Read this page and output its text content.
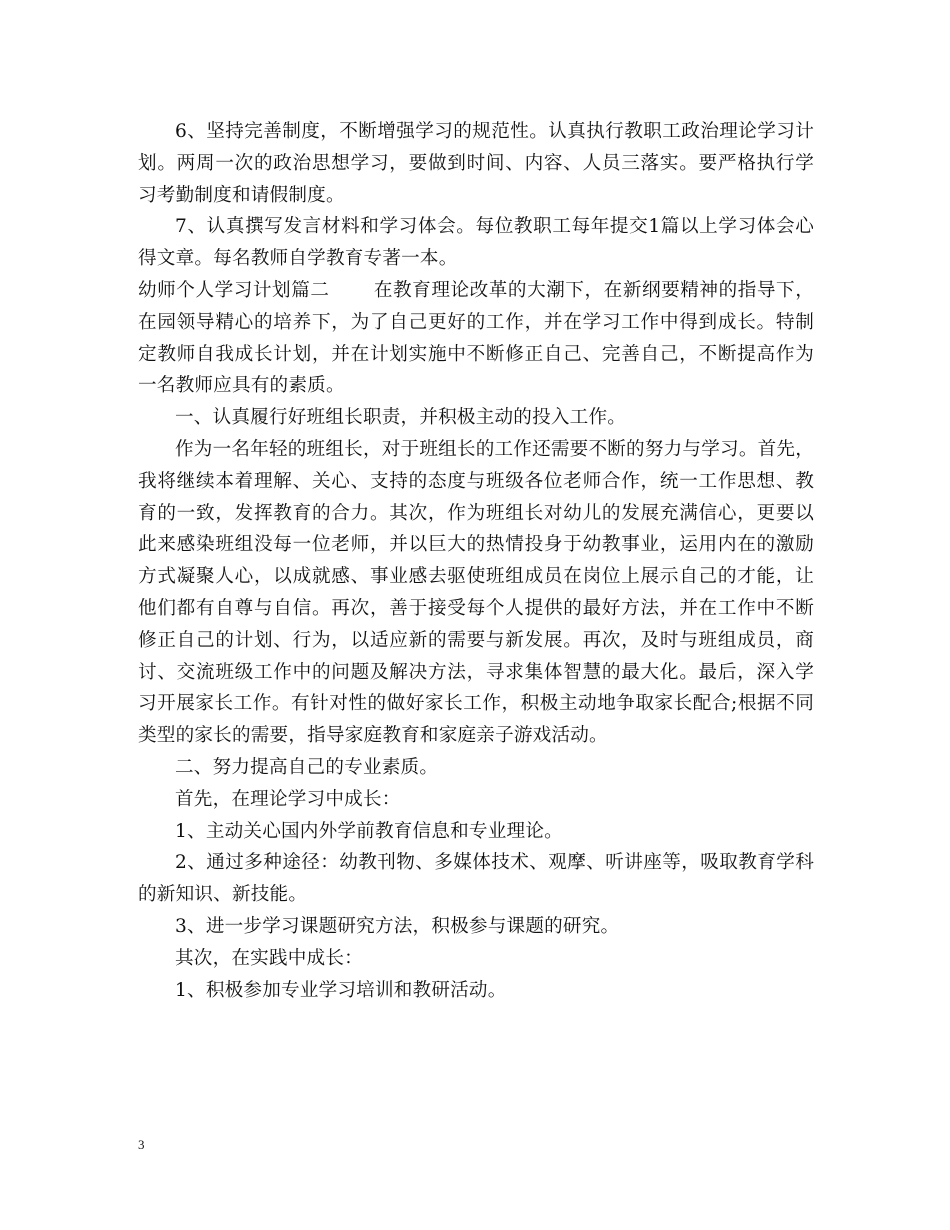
6、坚持完善制度，不断增强学习的规范性。认真执行教职工政治理论学习计划。两周一次的政治思想学习，要做到时间、内容、人员三落实。要严格执行学习考勤制度和请假制度。

7、认真撰写发言材料和学习体会。每位教职工每年提交1篇以上学习体会心得文章。每名教师自学教育专著一本。

幼师个人学习计划篇二 在教育理论改革的大潮下，在新纲要精神的指导下，在园领导精心的培养下，为了自己更好的工作，并在学习工作中得到成长。特制定教师自我成长计划，并在计划实施中不断修正自己、完善自己，不断提高作为一名教师应具有的素质。

一、认真履行好班组长职责，并积极主动的投入工作。

作为一名年轻的班组长，对于班组长的工作还需要不断的努力与学习。首先，我将继续本着理解、关心、支持的态度与班级各位老师合作，统一工作思想、教育的一致，发挥教育的合力。其次，作为班组长对幼儿的发展充满信心，更要以此来感染班组没每一位老师，并以巨大的热情投身于幼教事业，运用内在的激励方式凝聚人心，以成就感、事业感去驱使班组成员在岗位上展示自己的才能，让他们都有自尊与自信。再次，善于接受每个人提供的最好方法，并在工作中不断修正自己的计划、行为，以适应新的需要与新发展。再次，及时与班组成员，商讨、交流班级工作中的问题及解决方法，寻求集体智慧的最大化。最后，深入学习开展家长工作。有针对性的做好家长工作，积极主动地争取家长配合;根据不同类型的家长的需要，指导家庭教育和家庭亲子游戏活动。

二、努力提高自己的专业素质。

首先，在理论学习中成长：

1、主动关心国内外学前教育信息和专业理论。

2、通过多种途径：幼教刊物、多媒体技术、观摩、听讲座等，吸取教育学科的新知识、新技能。

3、进一步学习课题研究方法，积极参与课题的研究。

其次，在实践中成长：

1、积极参加专业学习培训和教研活动。

3
